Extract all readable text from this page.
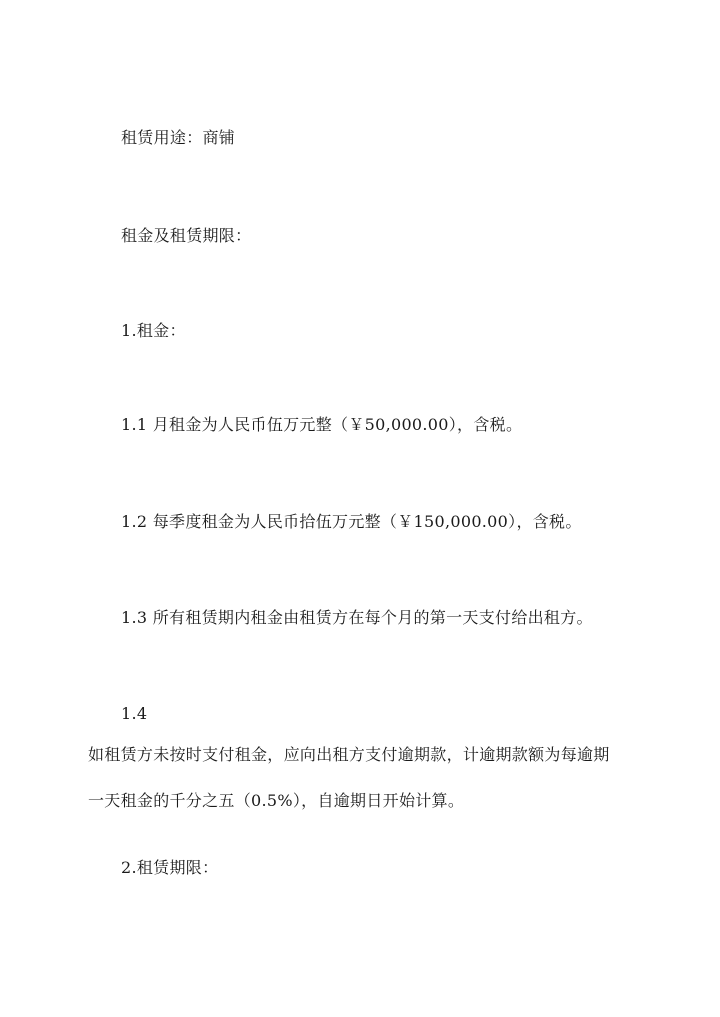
租赁用途：商铺
租金及租赁期限：
1.租金：
1.1 月租金为人民币伍万元整（￥50,000.00），含税。
1.2 每季度租金为人民币拾伍万元整（￥150,000.00），含税。
1.3 所有租赁期内租金由租赁方在每个月的第一天支付给出租方。
1.4
如租赁方未按时支付租金，应向出租方支付逾期款，计逾期款额为每逾期
一天租金的千分之五（0.5%），自逾期日开始计算。
2.租赁期限：
